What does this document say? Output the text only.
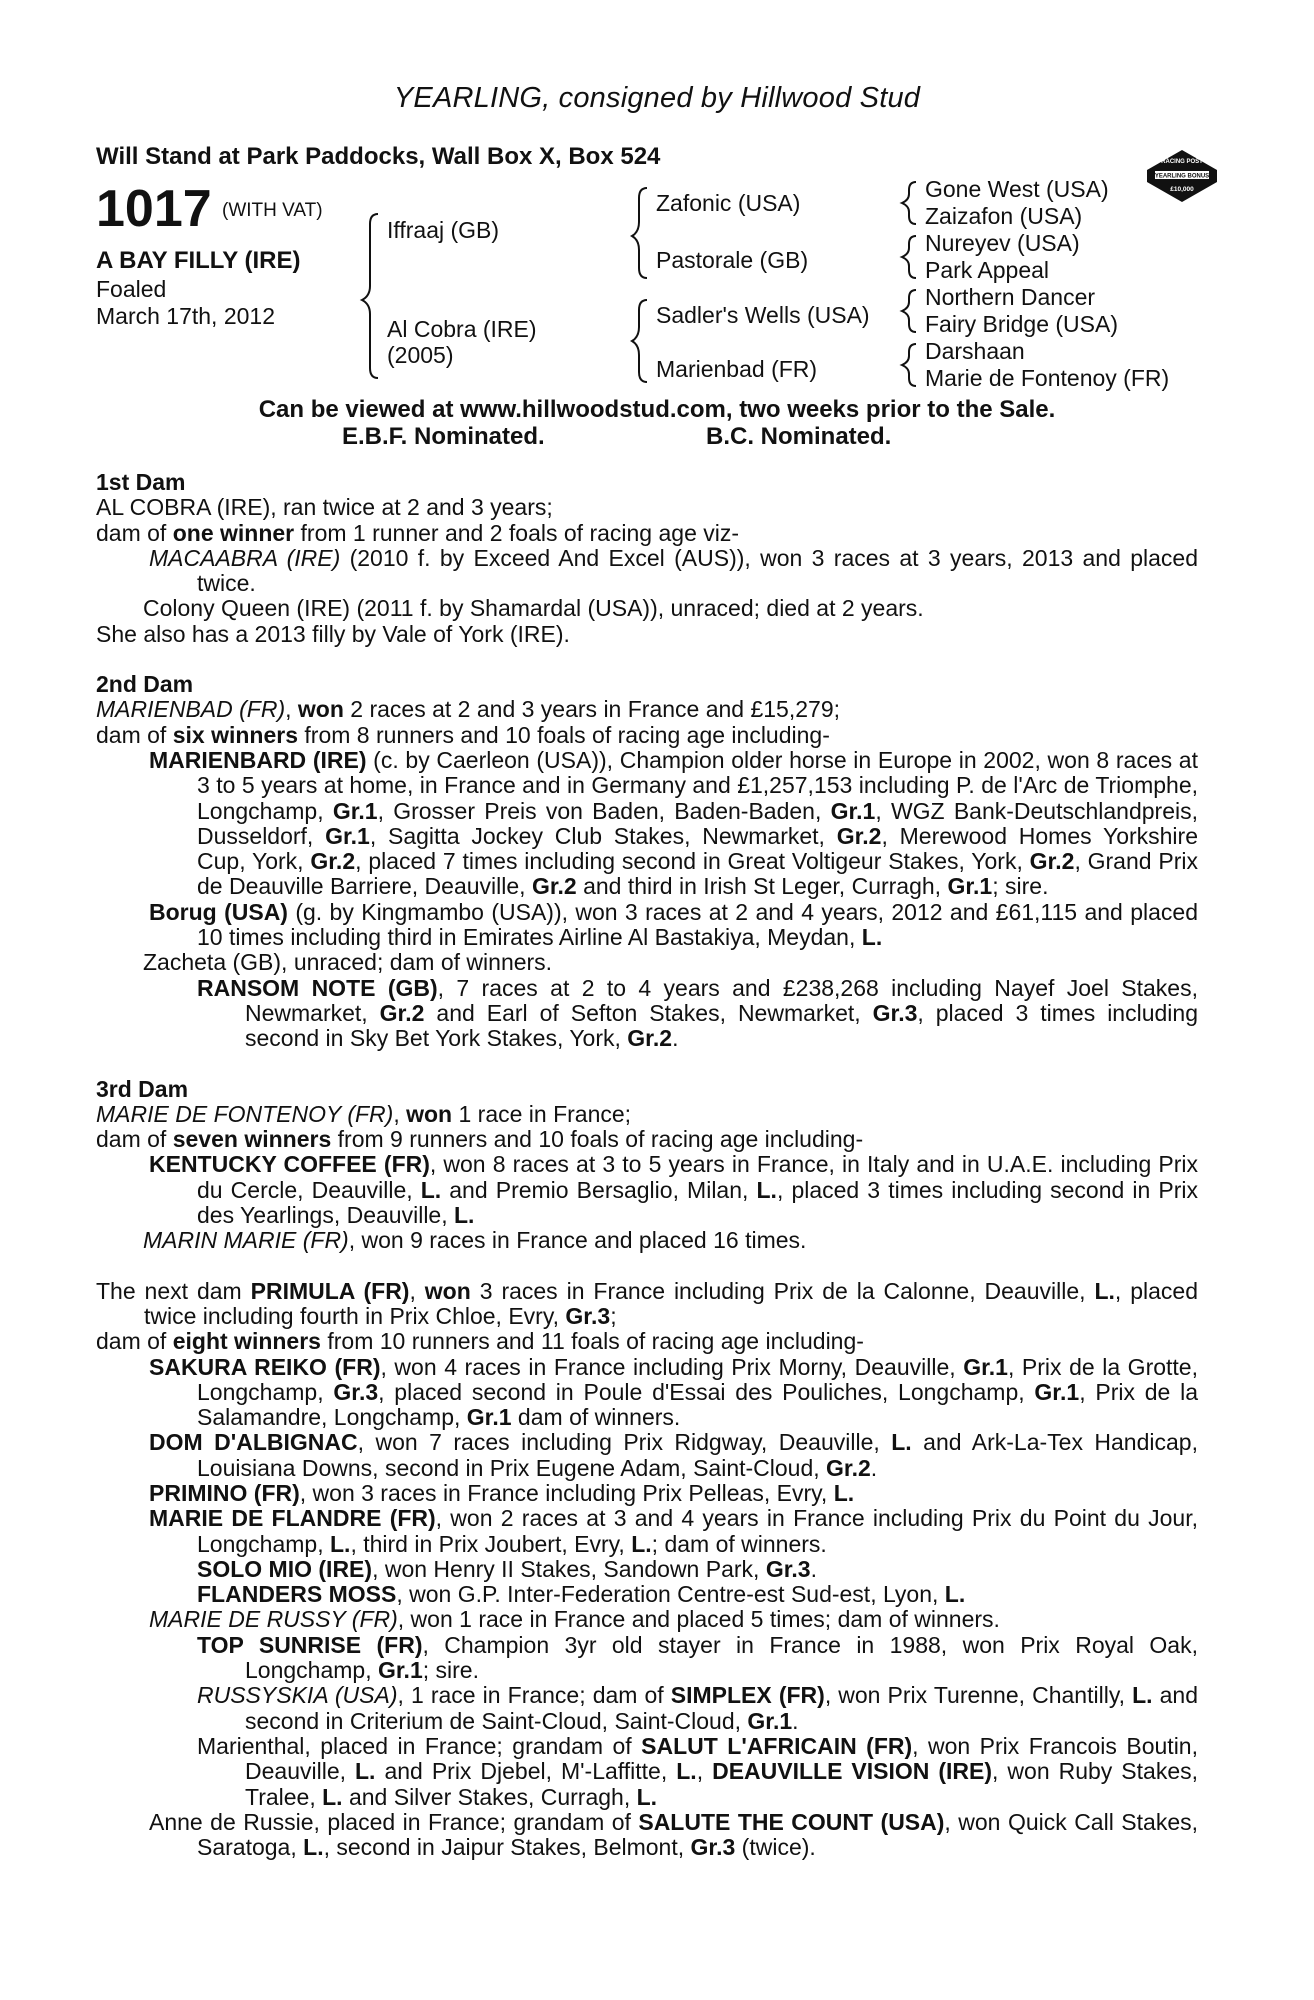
YEARLING, consigned by Hillwood Stud
Will Stand at Park Paddocks, Wall Box X, Box 524
1017 (WITH VAT)
A BAY FILLY (IRE)
Foaled
March 17th, 2012
Iffraaj (GB)
Al Cobra (IRE)
(2005)
Zafonic (USA)
Pastorale (GB)
Sadler's Wells (USA)
Marienbad (FR)
Gone West (USA)
Zaizafon (USA)
Nureyev (USA)
Park Appeal
Northern Dancer
Fairy Bridge (USA)
Darshaan
Marie de Fontenoy (FR)
RACING POST
YEARLING BONUS
£10,000
Can be viewed at www.hillwoodstud.com, two weeks prior to the Sale.
E.B.F. Nominated.	B.C. Nominated.

1st Dam

AL COBRA (IRE), ran twice at 2 and 3 years;

dam of one winner from 1 runner and 2 foals of racing age viz-

MACAABRA (IRE) (2010 f. by Exceed And Excel (AUS)), won 3 races at 3 years, 2013 and placed twice.

Colony Queen (IRE) (2011 f. by Shamardal (USA)), unraced; died at 2 years.

She also has a 2013 filly by Vale of York (IRE).

2nd Dam

MARIENBAD (FR), won 2 races at 2 and 3 years in France and £15,279;

dam of six winners from 8 runners and 10 foals of racing age including-

MARIENBARD (IRE) (c. by Caerleon (USA)), Champion older horse in Europe in 2002, won 8 races at 3 to 5 years at home, in France and in Germany and £1,257,153 including P. de l'Arc de Triomphe, Longchamp, Gr.1, Grosser Preis von Baden, Baden-Baden, Gr.1, WGZ Bank-Deutschlandpreis, Dusseldorf, Gr.1, Sagitta Jockey Club Stakes, Newmarket, Gr.2, Merewood Homes Yorkshire Cup, York, Gr.2, placed 7 times including second in Great Voltigeur Stakes, York, Gr.2, Grand Prix de Deauville Barriere, Deauville, Gr.2 and third in Irish St Leger, Curragh, Gr.1; sire.

Borug (USA) (g. by Kingmambo (USA)), won 3 races at 2 and 4 years, 2012 and £61,115 and placed 10 times including third in Emirates Airline Al Bastakiya, Meydan, L.

Zacheta (GB), unraced; dam of winners.

RANSOM NOTE (GB), 7 races at 2 to 4 years and £238,268 including Nayef Joel Stakes, Newmarket, Gr.2 and Earl of Sefton Stakes, Newmarket, Gr.3, placed 3 times including second in Sky Bet York Stakes, York, Gr.2.

3rd Dam

MARIE DE FONTENOY (FR), won 1 race in France;

dam of seven winners from 9 runners and 10 foals of racing age including-

KENTUCKY COFFEE (FR), won 8 races at 3 to 5 years in France, in Italy and in U.A.E. including Prix du Cercle, Deauville, L. and Premio Bersaglio, Milan, L., placed 3 times including second in Prix des Yearlings, Deauville, L.

MARIN MARIE (FR), won 9 races in France and placed 16 times.

The next dam PRIMULA (FR), won 3 races in France including Prix de la Calonne, Deauville, L., placed twice including fourth in Prix Chloe, Evry, Gr.3;

dam of eight winners from 10 runners and 11 foals of racing age including-

SAKURA REIKO (FR), won 4 races in France including Prix Morny, Deauville, Gr.1, Prix de la Grotte, Longchamp, Gr.3, placed second in Poule d'Essai des Pouliches, Longchamp, Gr.1, Prix de la Salamandre, Longchamp, Gr.1 dam of winners.

DOM D'ALBIGNAC, won 7 races including Prix Ridgway, Deauville, L. and Ark-La-Tex Handicap, Louisiana Downs, second in Prix Eugene Adam, Saint-Cloud, Gr.2.

PRIMINO (FR), won 3 races in France including Prix Pelleas, Evry, L.

MARIE DE FLANDRE (FR), won 2 races at 3 and 4 years in France including Prix du Point du Jour, Longchamp, L., third in Prix Joubert, Evry, L.; dam of winners.

SOLO MIO (IRE), won Henry II Stakes, Sandown Park, Gr.3.

FLANDERS MOSS, won G.P. Inter-Federation Centre-est Sud-est, Lyon, L.

MARIE DE RUSSY (FR), won 1 race in France and placed 5 times; dam of winners.

TOP SUNRISE (FR), Champion 3yr old stayer in France in 1988, won Prix Royal Oak, Longchamp, Gr.1; sire.

RUSSYSKIA (USA), 1 race in France; dam of SIMPLEX (FR), won Prix Turenne, Chantilly, L. and second in Criterium de Saint-Cloud, Saint-Cloud, Gr.1.

Marienthal, placed in France; grandam of SALUT L'AFRICAIN (FR), won Prix Francois Boutin, Deauville, L. and Prix Djebel, M'-Laffitte, L., DEAUVILLE VISION (IRE), won Ruby Stakes, Tralee, L. and Silver Stakes, Curragh, L.

Anne de Russie, placed in France; grandam of SALUTE THE COUNT (USA), won Quick Call Stakes, Saratoga, L., second in Jaipur Stakes, Belmont, Gr.3 (twice).
